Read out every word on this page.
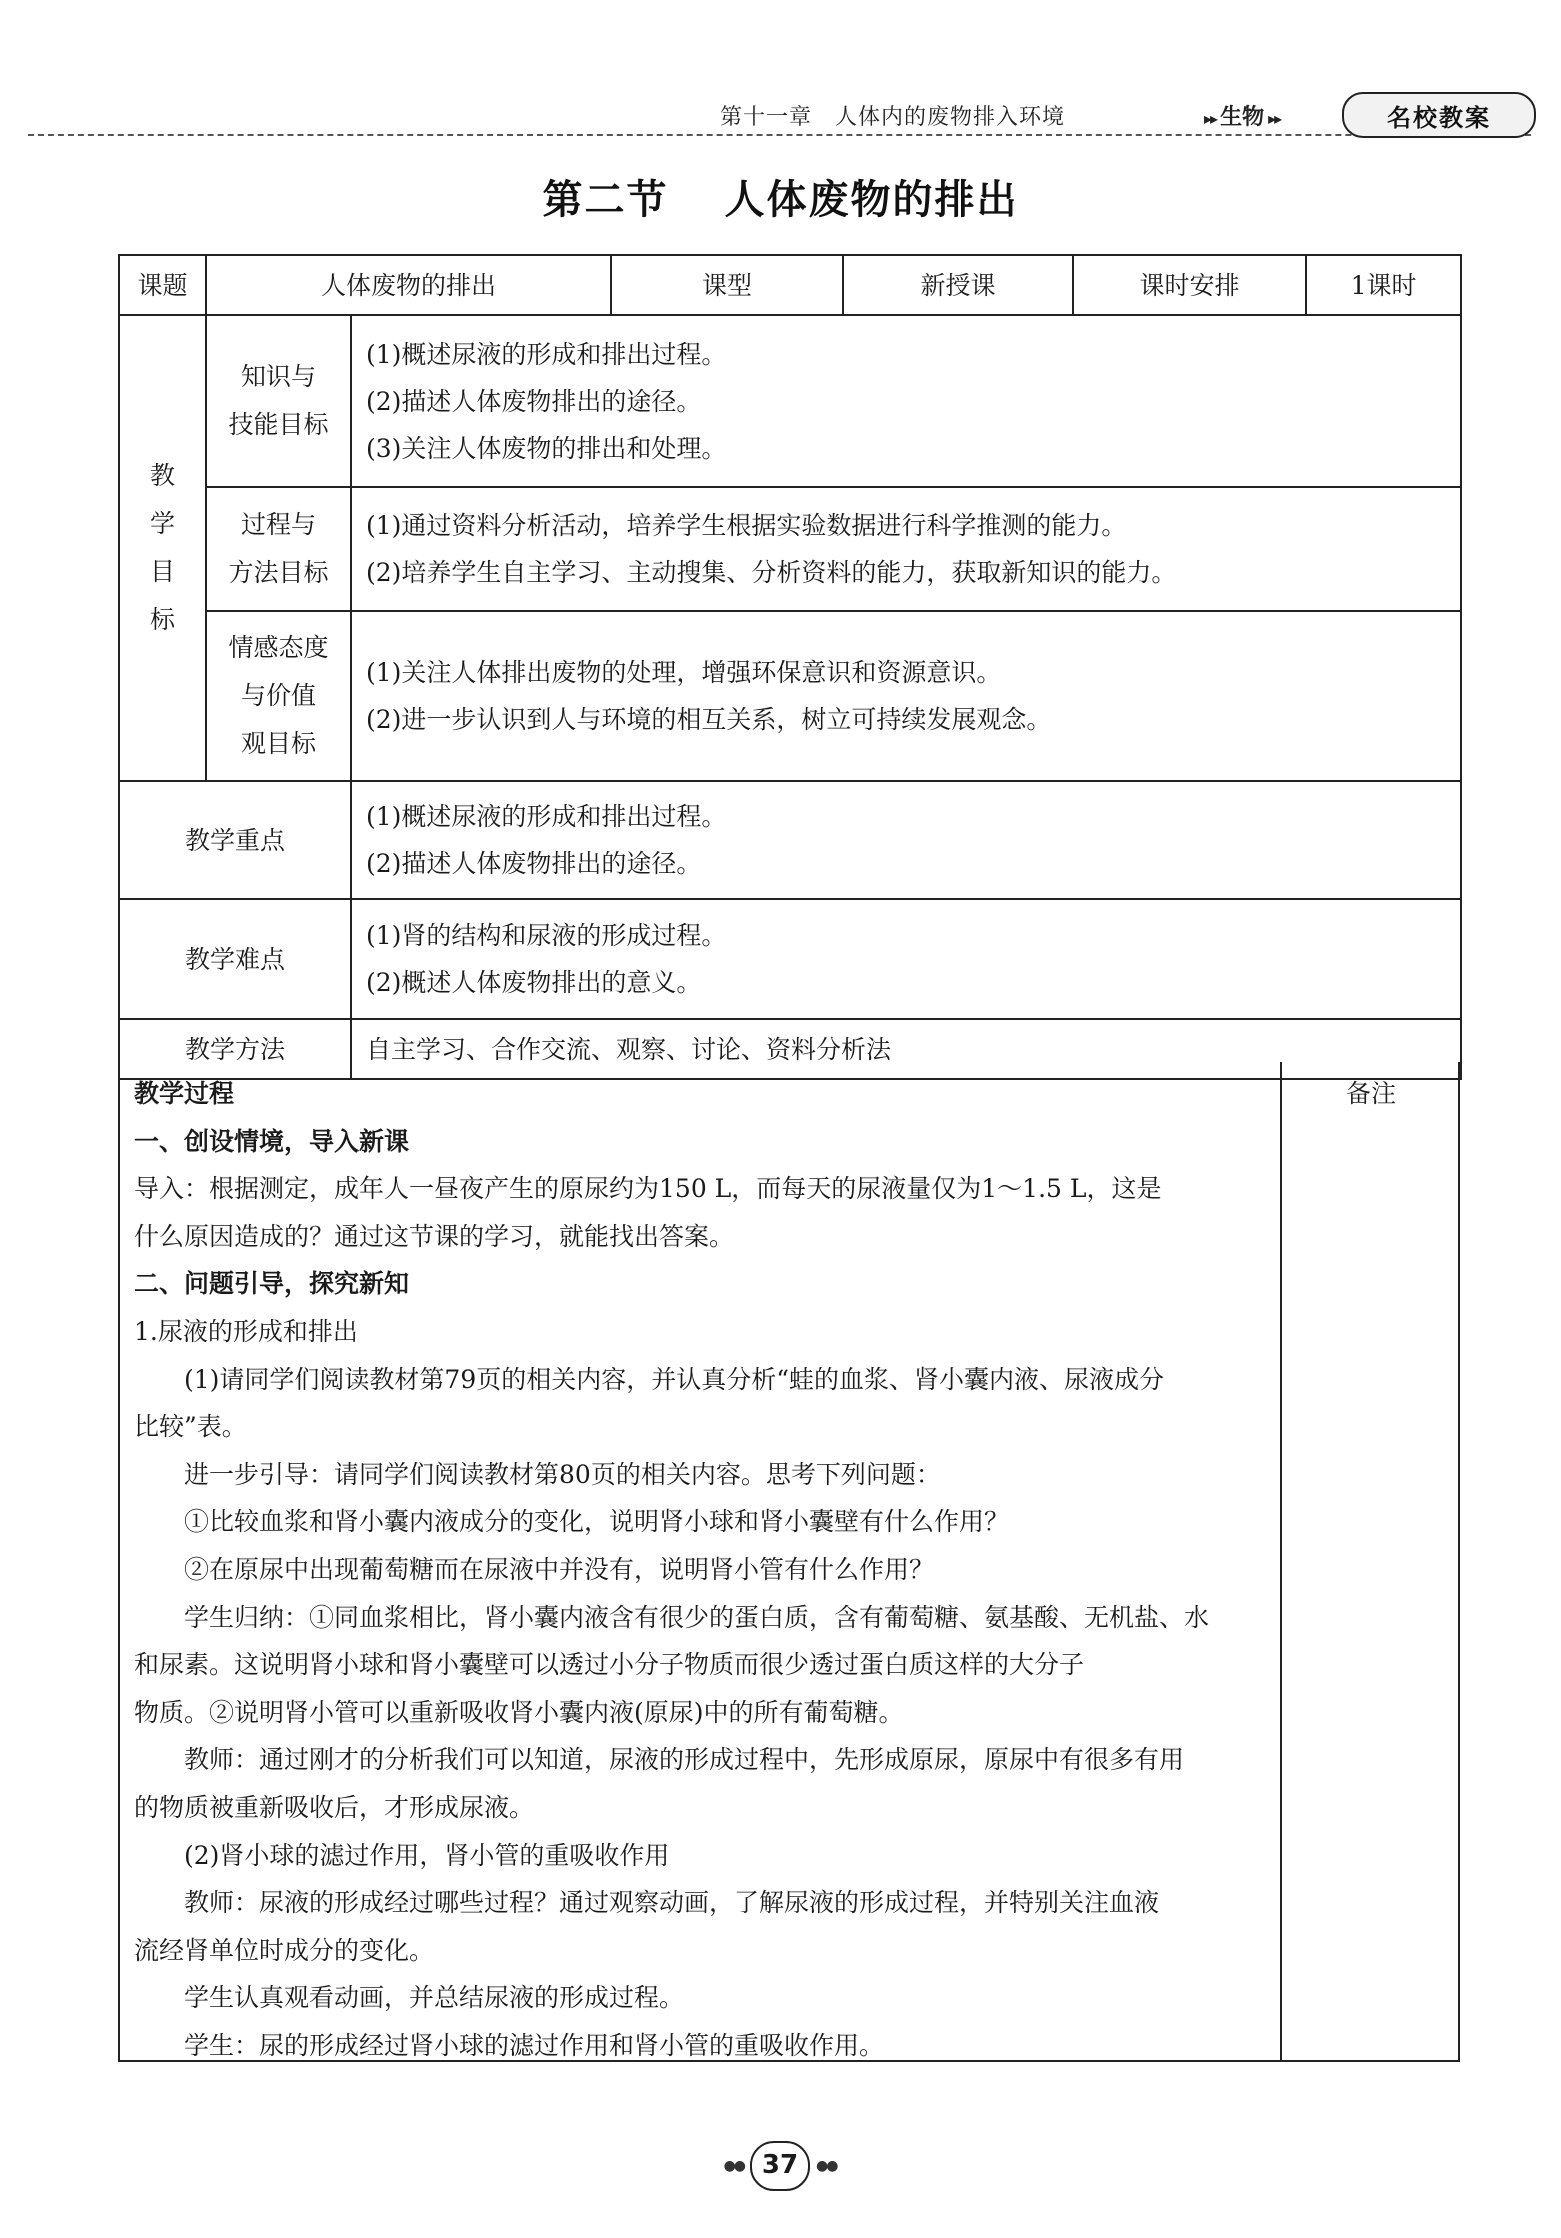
第十一章　人体内的废物排入环境	▸▸ 生物 ▸▸	名校教案
第二节 人体废物的排出
课题	人体废物的排出		课型	新授课	课时安排	1课时

教
学
目
标	知识与
技能目标	(1)概述尿液的形成和排出过程。
(2)描述人体废物排出的途径。
(3)关注人体废物的排出和处理。				

	过程与
方法目标	(1)通过资料分析活动，培养学生根据实验数据进行科学推测的能力。
(2)培养学生自主学习、主动搜集、分析资料的能力，获取新知识的能力。				

	情感态度
与价值
观目标	(1)关注人体排出废物的处理，增强环保意识和资源意识。
(2)进一步认识到人与环境的相互关系，树立可持续发展观念。				

教学重点		(1)概述尿液的形成和排出过程。
(2)描述人体废物排出的途径。				

教学难点		(1)肾的结构和尿液的形成过程。
(2)概述人体废物排出的意义。				

教学方法		自主学习、合作交流、观察、讨论、资料分析法				
备注
教学过程
一、创设情境，导入新课
导入：根据测定，成年人一昼夜产生的原尿约为150 L，而每天的尿液量仅为1～1.5 L，这是
什么原因造成的？通过这节课的学习，就能找出答案。
二、问题引导，探究新知
1.尿液的形成和排出
(1)请同学们阅读教材第79页的相关内容，并认真分析“蛙的血浆、肾小囊内液、尿液成分
比较”表。
进一步引导：请同学们阅读教材第80页的相关内容。思考下列问题：
①比较血浆和肾小囊内液成分的变化，说明肾小球和肾小囊壁有什么作用？
②在原尿中出现葡萄糖而在尿液中并没有，说明肾小管有什么作用？
学生归纳：①同血浆相比，肾小囊内液含有很少的蛋白质，含有葡萄糖、氨基酸、无机盐、水
和尿素。这说明肾小球和肾小囊壁可以透过小分子物质而很少透过蛋白质这样的大分子
物质。②说明肾小管可以重新吸收肾小囊内液(原尿)中的所有葡萄糖。
教师：通过刚才的分析我们可以知道，尿液的形成过程中，先形成原尿，原尿中有很多有用
的物质被重新吸收后，才形成尿液。
(2)肾小球的滤过作用，肾小管的重吸收作用
教师：尿液的形成经过哪些过程？通过观察动画，了解尿液的形成过程，并特别关注血液
流经肾单位时成分的变化。
学生认真观看动画，并总结尿液的形成过程。
学生：尿的形成经过肾小球的滤过作用和肾小管的重吸收作用。
●● 37	●●
